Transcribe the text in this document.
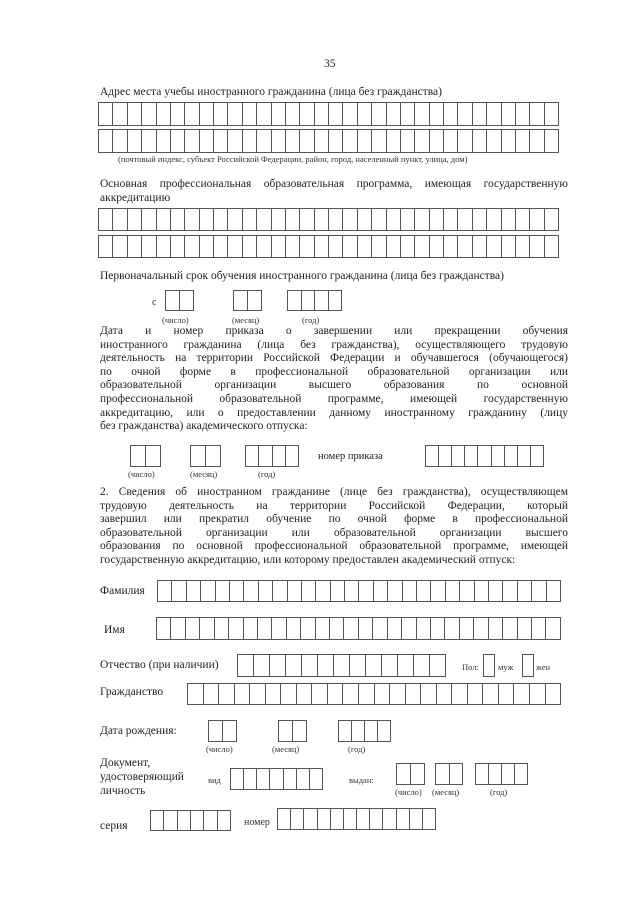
35
Адрес места учебы иностранного гражданина (лица без гражданства)
(почтовый индекс, субъект Российской Федерации, район, город, населенный пункт, улица, дом)
Основная профессиональная образовательная программа, имеющая государственную
аккредитацию
Первоначальный срок обучения иностранного гражданина (лица без гражданства)
с
(число)	(месяц)	(год)
Дата и номер приказа о завершении или прекращении обучения
иностранного гражданина (лица без гражданства), осуществляющего трудовую
деятельность на территории Российской Федерации и обучавшегося (обучающегося)
по очной форме в профессиональной образовательной организации или
образовательной организации высшего образования по основной
профессиональной образовательной программе, имеющей государственную
аккредитацию, или о предоставлении данному иностранному гражданину (лицу
без гражданства) академического отпуска:
номер приказа
(число)	(месяц)	(год)
2. Сведения об иностранном гражданине (лице без гражданства), осуществляющем
трудовую деятельность на территории Российской Федерации, который
завершил или прекратил обучение по очной форме в профессиональной
образовательной организации или образовательной организации высшего
образования по основной профессиональной образовательной программе, имеющей
государственную аккредитацию, или которому предоставлен академический отпуск:
Фамилия
Имя
Отчество (при наличии)	Пол: муж	жен
Гражданство
Дата рождения:
(число)	(месяц)	(год)
Документ,
удостоверяющий
личность
вид	выдан:
(число) (месяц)	(год)
серия	номер
